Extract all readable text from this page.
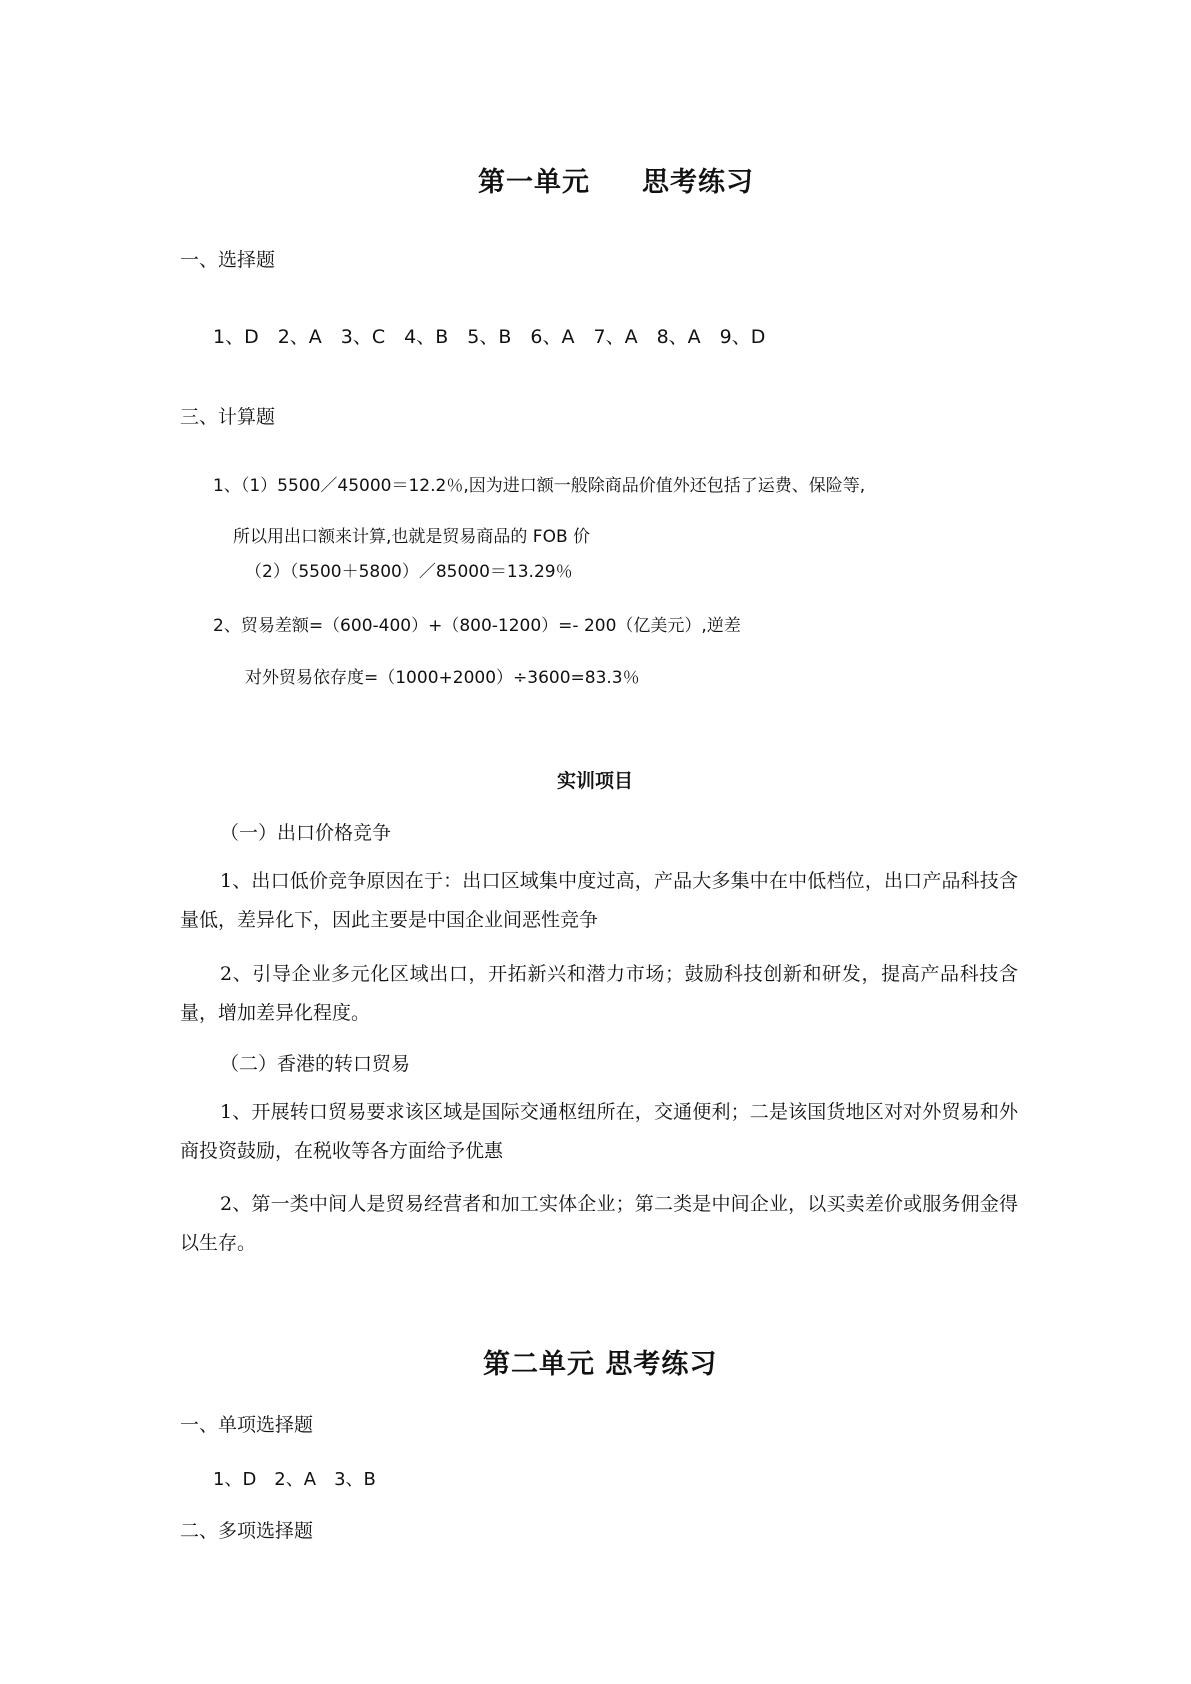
第一单元 思考练习
一、选择题
1、D　2、A　3、C　4、B　5、B　6、A　7、A　8、A　9、D
三、计算题
1、（1）5500／45000＝12.2％,因为进口额一般除商品价值外还包括了运费、保险等,
所以用出口额来计算,也就是贸易商品的 FOB 价
（2）（5500＋5800）／85000＝13.29％
2、贸易差额=（600-400）+（800-1200）=- 200（亿美元）,逆差
对外贸易依存度=（1000+2000）÷3600=83.3％
实训项目
（一）出口价格竞争
1、出口低价竞争原因在于：出口区域集中度过高，产品大多集中在中低档位，出口产品科技含量低，差异化下，因此主要是中国企业间恶性竞争
2、引导企业多元化区域出口，开拓新兴和潜力市场；鼓励科技创新和研发，提高产品科技含量，增加差异化程度。
（二）香港的转口贸易
1、开展转口贸易要求该区域是国际交通枢纽所在，交通便利；二是该国货地区对对外贸易和外商投资鼓励，在税收等各方面给予优惠
2、第一类中间人是贸易经营者和加工实体企业；第二类是中间企业，以买卖差价或服务佣金得以生存。
第二单元 思考练习
一、单项选择题
1、D　2、A　3、B
二、多项选择题
